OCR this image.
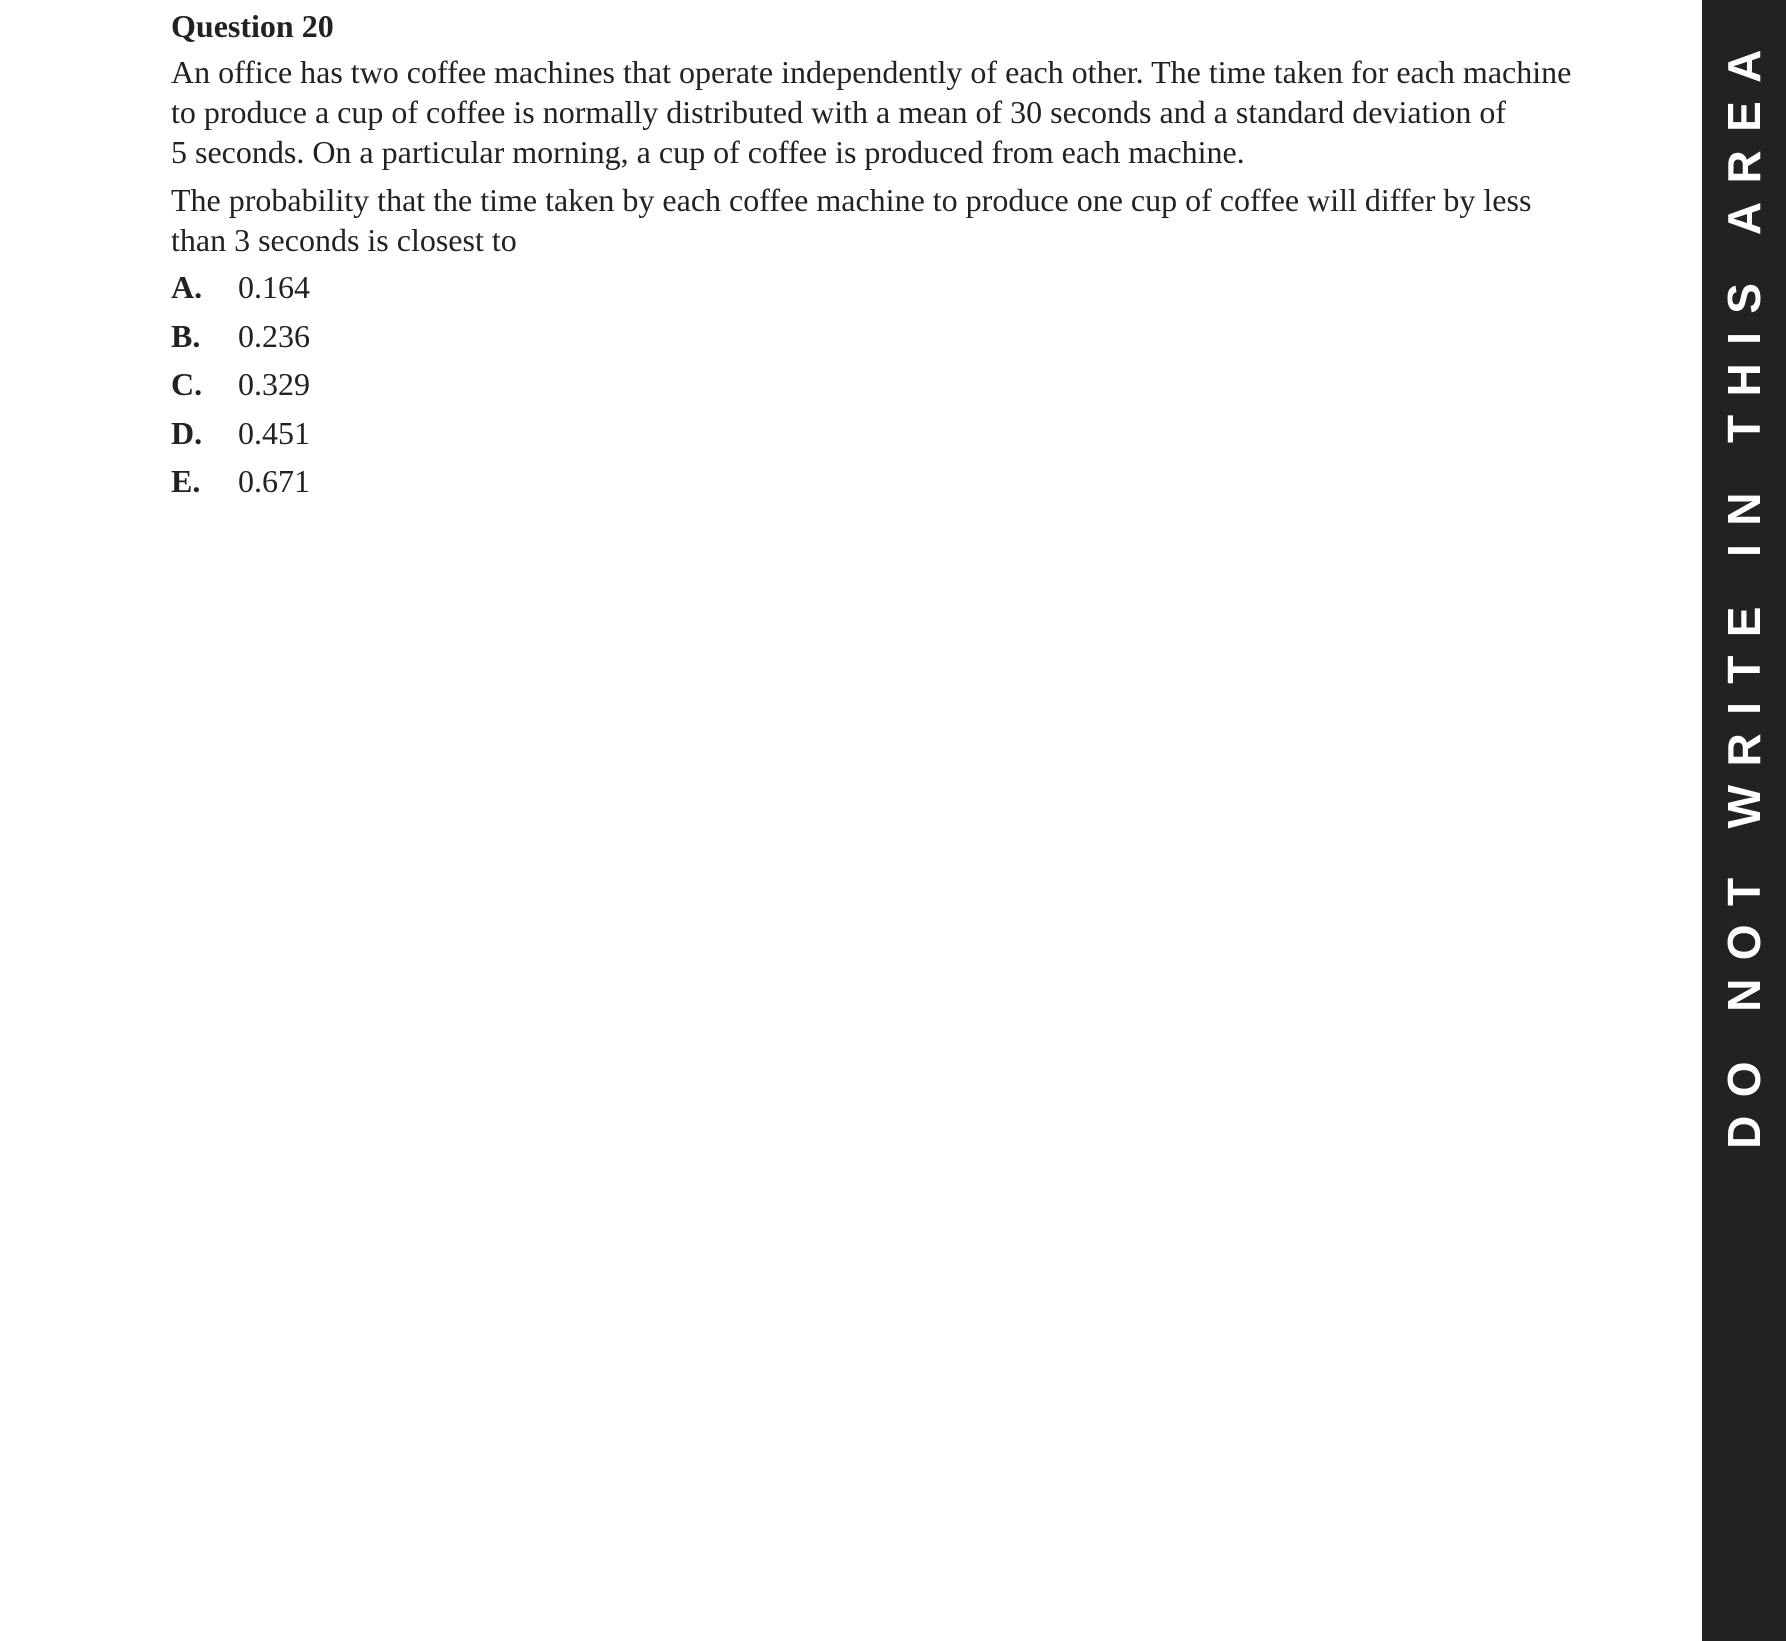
Question 20
An office has two coffee machines that operate independently of each other. The time taken for each machine
to produce a cup of coffee is normally distributed with a mean of 30 seconds and a standard deviation of
5 seconds. On a particular morning, a cup of coffee is produced from each machine.
The probability that the time taken by each coffee machine to produce one cup of coffee will differ by less
than 3 seconds is closest to
A.	0.164
B.	0.236
C.	0.329
D.	0.451
E.	0.671	DO NOT WRITE IN THIS AREA
